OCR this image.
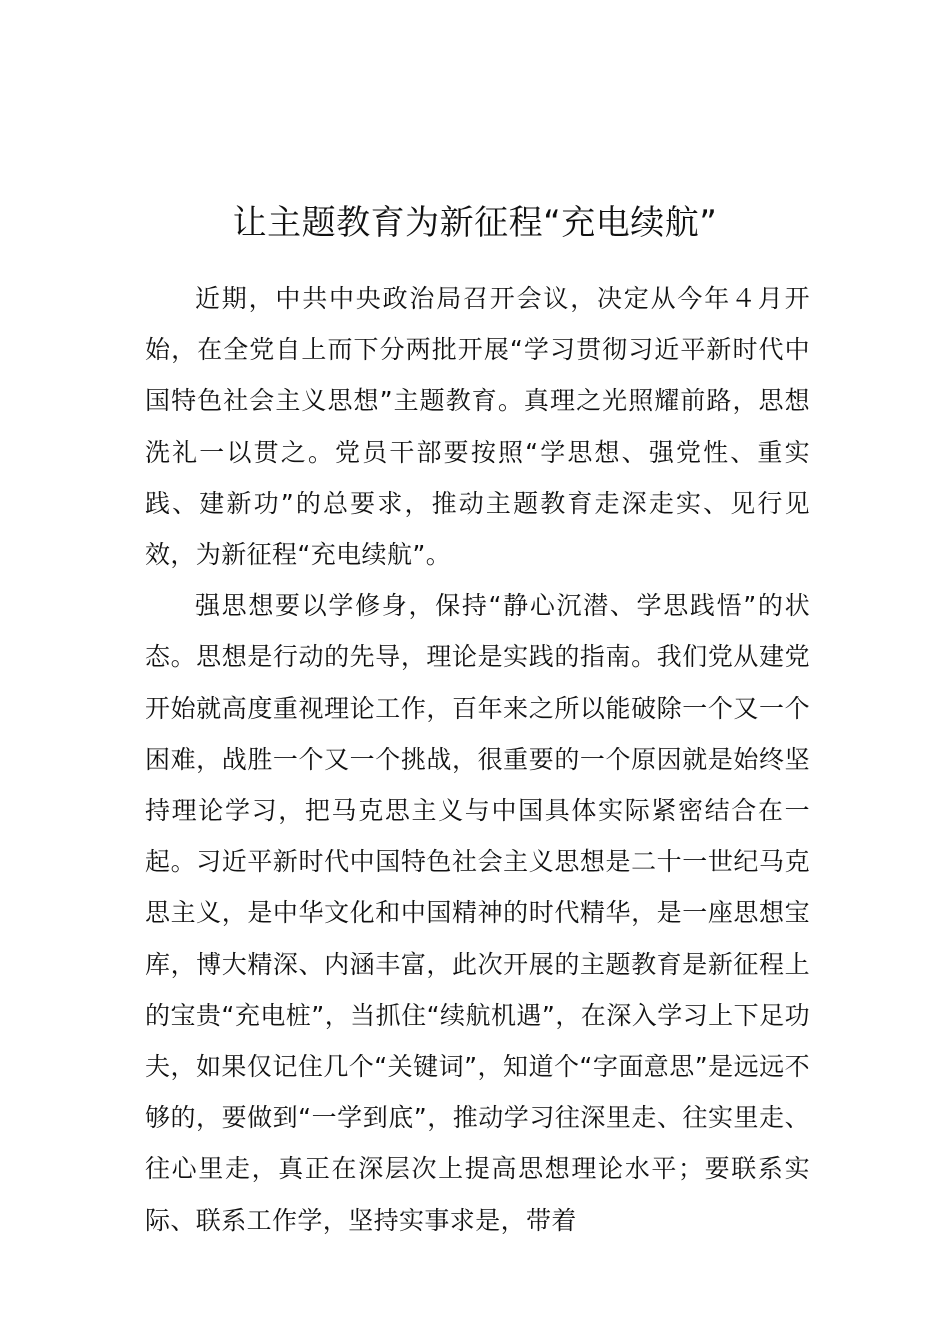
让主题教育为新征程“充电续航”

近期，中共中央政治局召开会议，决定从今年４月开始，在全党自上而下分两批开展“学习贯彻习近平新时代中国特色社会主义思想”主题教育。真理之光照耀前路，思想洗礼一以贯之。党员干部要按照“学思想、强党性、重实践、建新功”的总要求，推动主题教育走深走实、见行见效，为新征程“充电续航”。

强思想要以学修身，保持“静心沉潜、学思践悟”的状态。思想是行动的先导，理论是实践的指南。我们党从建党开始就高度重视理论工作，百年来之所以能破除一个又一个困难，战胜一个又一个挑战，很重要的一个原因就是始终坚持理论学习，把马克思主义与中国具体实际紧密结合在一起。习近平新时代中国特色社会主义思想是二十一世纪马克思主义，是中华文化和中国精神的时代精华，是一座思想宝库，博大精深、内涵丰富，此次开展的主题教育是新征程上的宝贵“充电桩”，当抓住“续航机遇”，在深入学习上下足功夫，如果仅记住几个“关键词”，知道个“字面意思”是远远不够的，要做到“一学到底”，推动学习往深里走、往实里走、往心里走，真正在深层次上提高思想理论水平；要联系实际、联系工作学，坚持实事求是，带着
